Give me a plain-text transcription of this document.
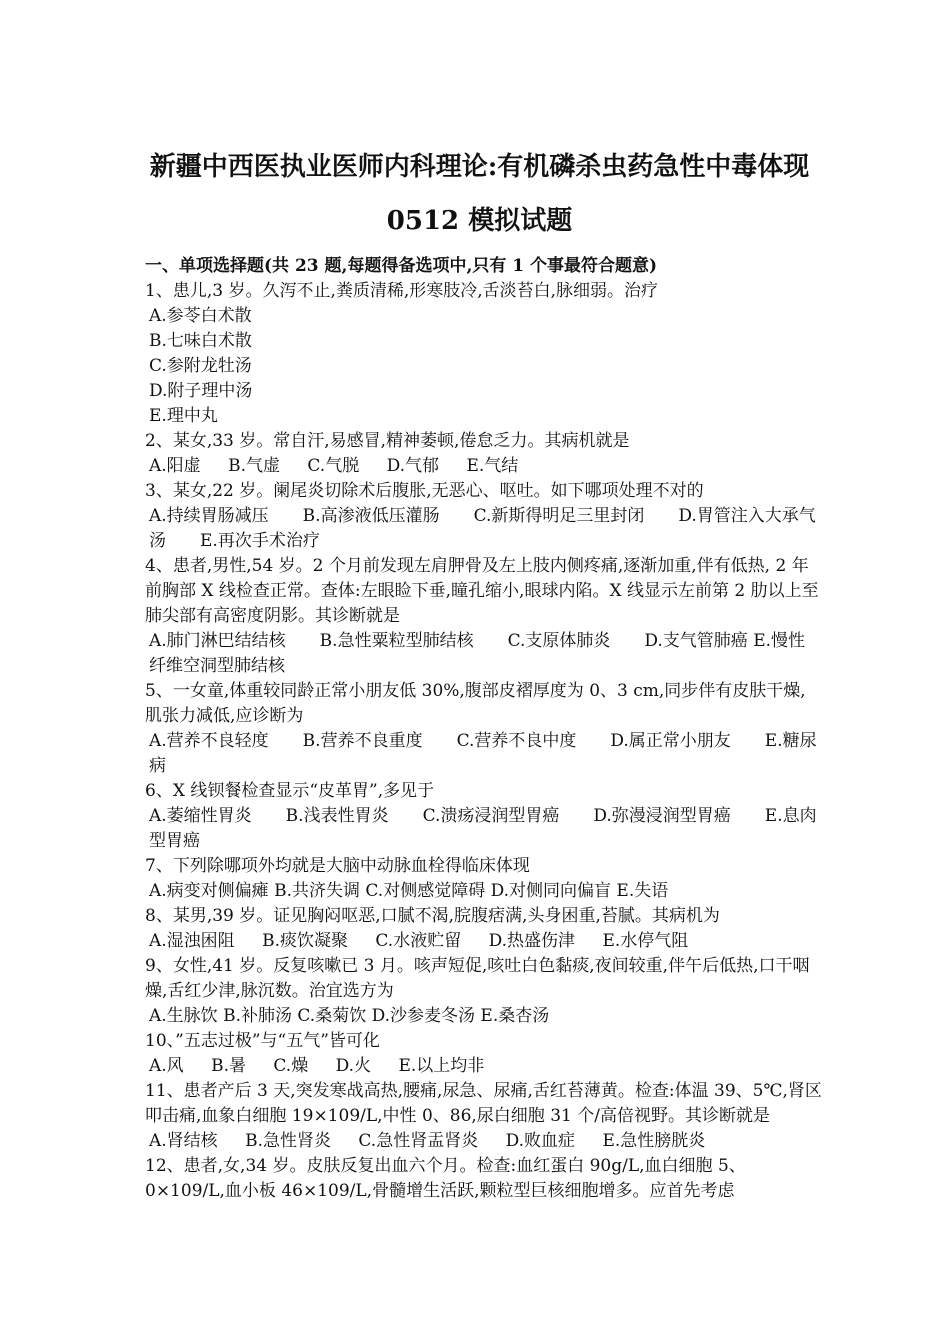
新疆中西医执业医师内科理论:有机磷杀虫药急性中毒体现
0512 模拟试题

一、单项选择题(共 23 题,每题得备选项中,只有 1 个事最符合题意)

1、患儿,3 岁。久泻不止,粪质清稀,形寒肢冷,舌淡苔白,脉细弱。治疗

A.参苓白术散

B.七味白术散

C.参附龙牡汤

D.附子理中汤

E.理中丸

2、某女,33 岁。常自汗,易感冒,精神萎顿,倦怠乏力。其病机就是

A.阳虚 B.气虚 C.气脱 D.气郁 E.气结

3、某女,22 岁。阑尾炎切除术后腹胀,无恶心、呕吐。如下哪项处理不对的

A.持续胃肠减压　　B.高渗液低压灌肠　　C.新斯得明足三里封闭　　D.胃管注入大承气汤　　E.再次手术治疗

4、患者,男性,54 岁。2 个月前发现左肩胛骨及左上肢内侧疼痛,逐渐加重,伴有低热, 2 年前胸部 X 线检查正常。查体:左眼睑下垂,瞳孔缩小,眼球内陷。X 线显示左前第 2 肋以上至肺尖部有高密度阴影。其诊断就是

A.肺门淋巴结结核　　B.急性粟粒型肺结核　　C.支原体肺炎　　D.支气管肺癌 E.慢性纤维空洞型肺结核

5、一女童,体重较同龄正常小朋友低 30%,腹部皮褶厚度为 0、3 cm,同步伴有皮肤干燥,肌张力减低,应诊断为

A.营养不良轻度　　B.营养不良重度　　C.营养不良中度　　D.属正常小朋友　　E.糖尿病

6、X 线钡餐检查显示“皮革胃”,多见于

A.萎缩性胃炎　　B.浅表性胃炎　　C.溃疡浸润型胃癌　　D.弥漫浸润型胃癌　　E.息肉型胃癌

7、下列除哪项外均就是大脑中动脉血栓得临床体现

A.病变对侧偏瘫 B.共济失调 C.对侧感觉障碍 D.对侧同向偏盲 E.失语

8、某男,39 岁。证见胸闷呕恶,口腻不渴,脘腹痞满,头身困重,苔腻。其病机为

A.湿浊困阻 B.痰饮凝聚 C.水液贮留 D.热盛伤津 E.水停气阻

9、女性,41 岁。反复咳嗽已 3 月。咳声短促,咳吐白色黏痰,夜间较重,伴午后低热,口干咽燥,舌红少津,脉沉数。治宜选方为

A.生脉饮 B.补肺汤 C.桑菊饮 D.沙参麦冬汤 E.桑杏汤

10、”五志过极”与“五气”皆可化

A.风 B.暑 C.燥 D.火 E.以上均非

11、患者产后 3 天,突发寒战高热,腰痛,尿急、尿痛,舌红苔薄黄。检查:体温 39、5℃,肾区叩击痛,血象白细胞 19×109/L,中性 0、86,尿白细胞 31 个/高倍视野。其诊断就是

A.肾结核 B.急性肾炎 C.急性肾盂肾炎 D.败血症 E.急性膀胱炎

12、患者,女,34 岁。皮肤反复出血六个月。检查:血红蛋白 90g/L,血白细胞 5、0×109/L,血小板 46×109/L,骨髓增生活跃,颗粒型巨核细胞增多。应首先考虑
